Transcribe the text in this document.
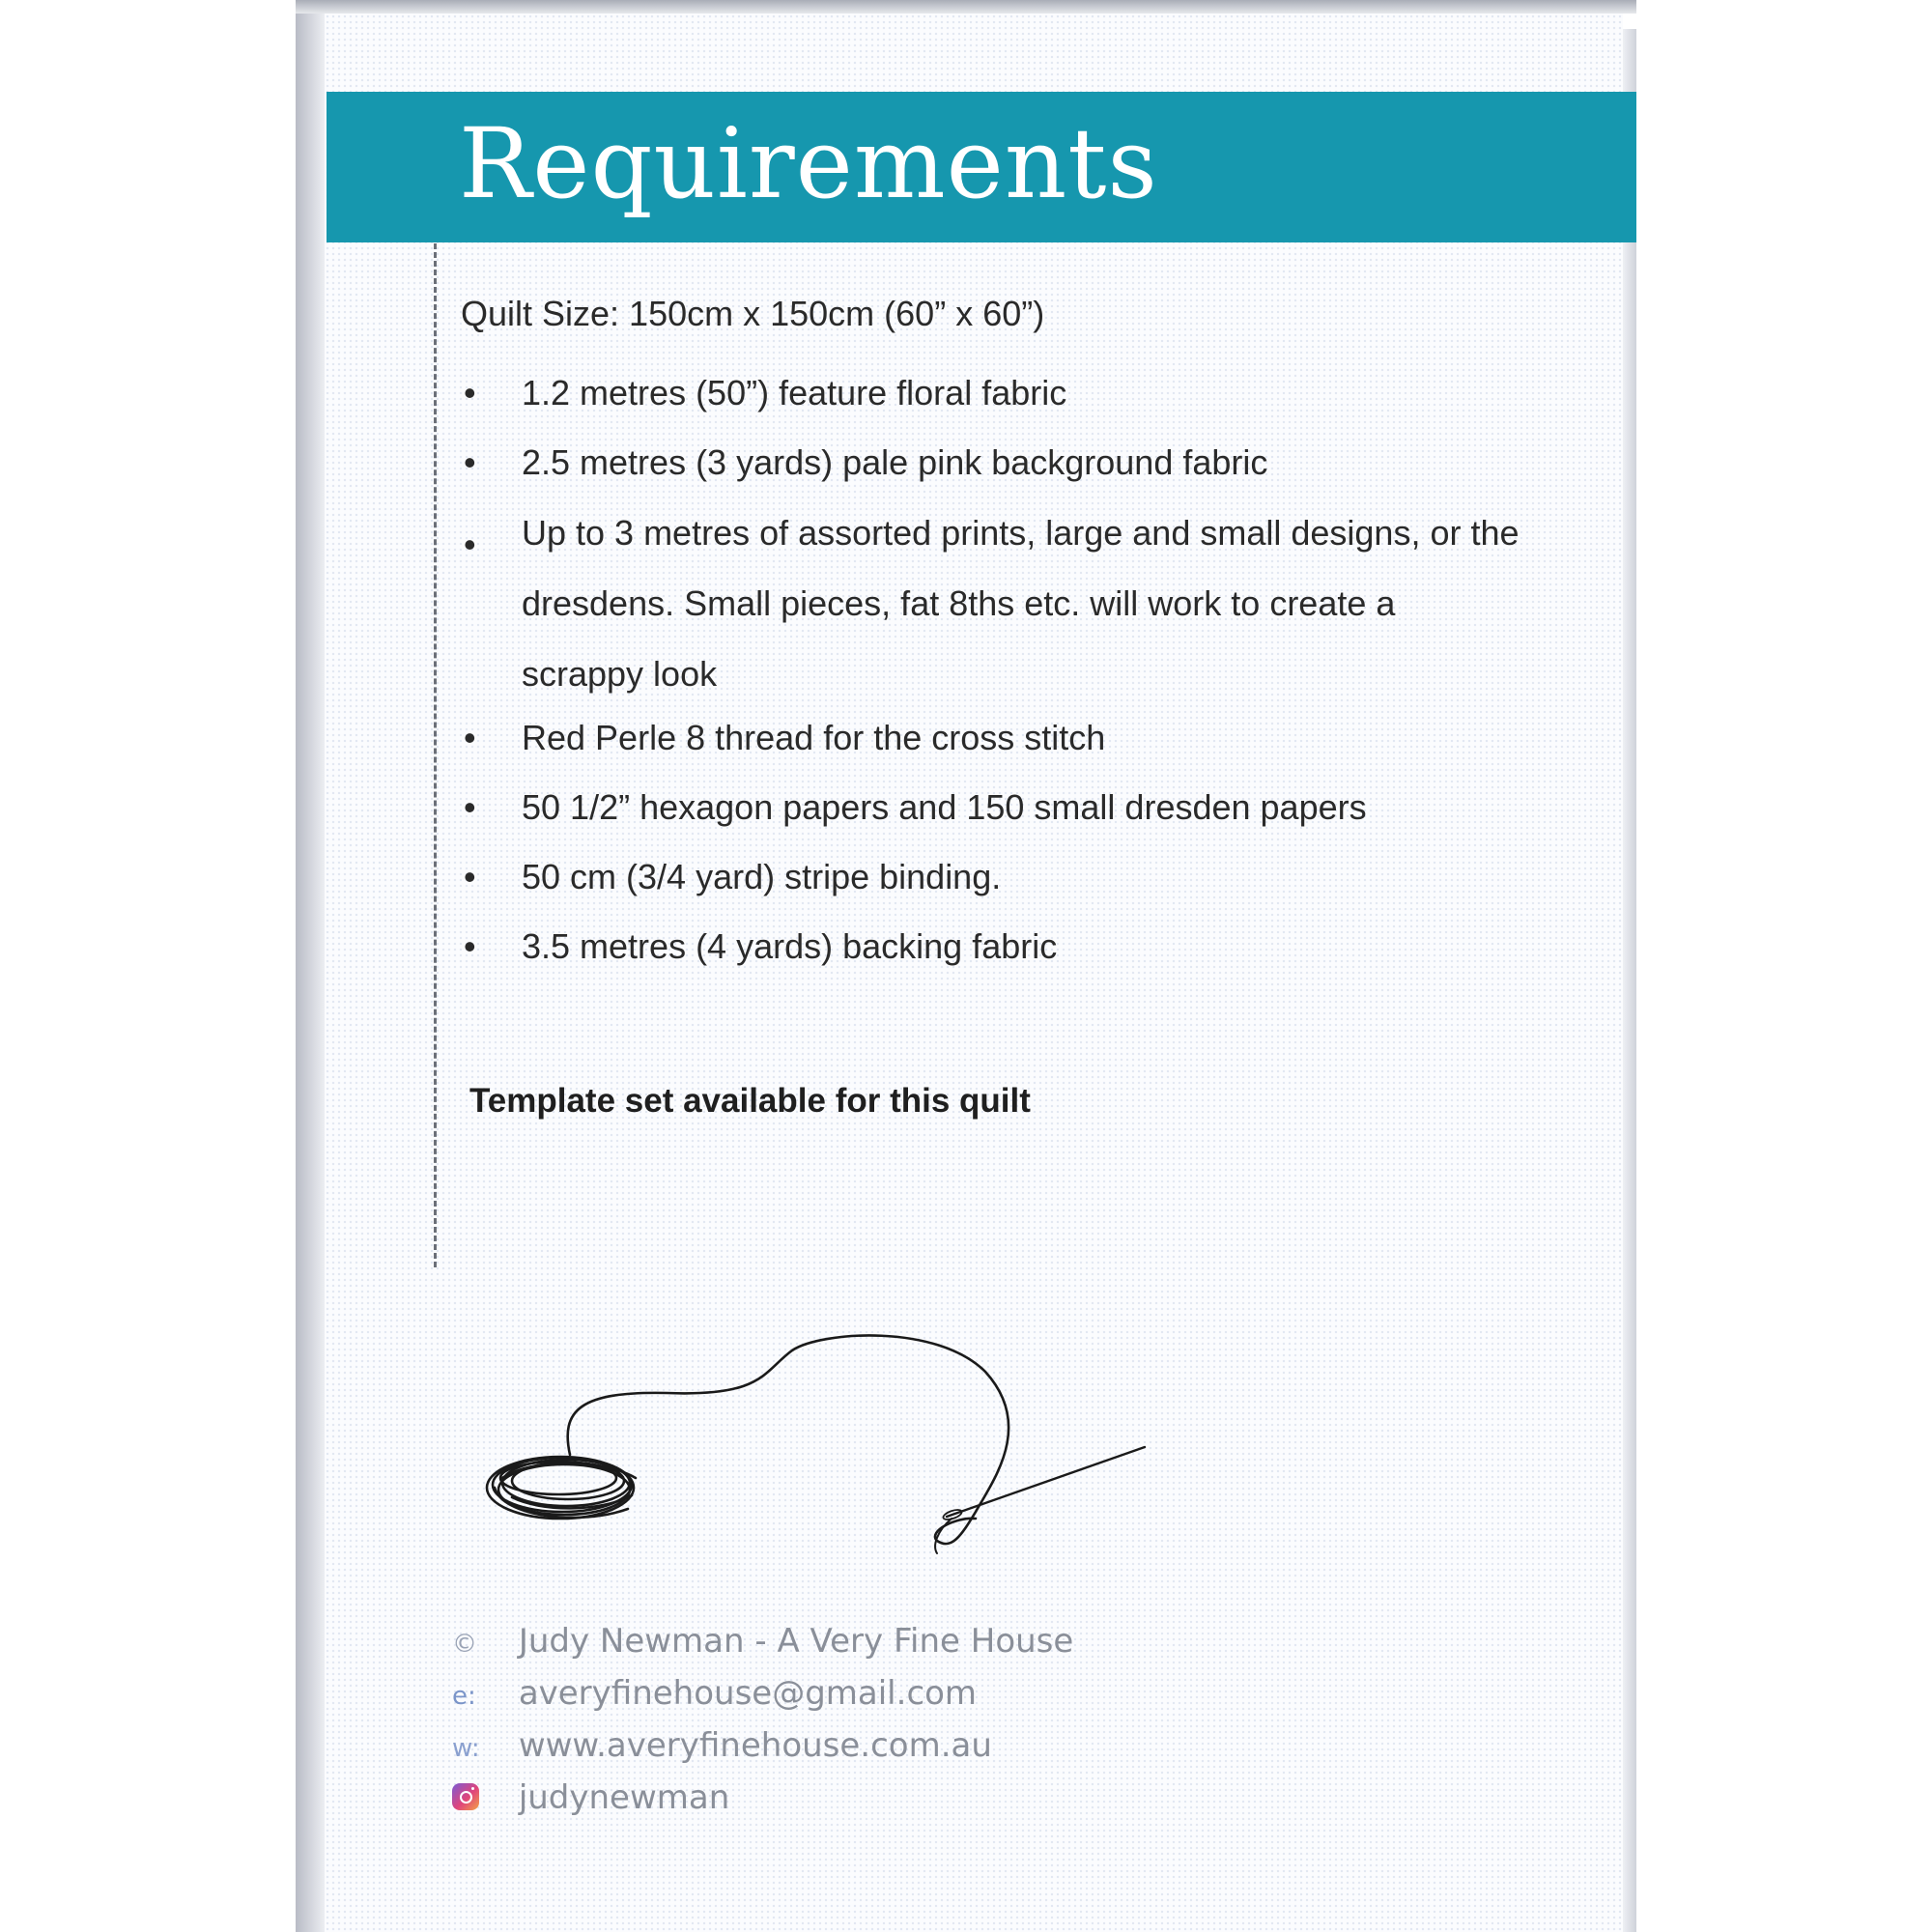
Requirements
Quilt Size: 150cm x 150cm (60” x 60”)
•	1.2 metres (50”) feature floral fabric
•	2.5 metres (3 yards) pale pink background fabric
•	Up to 3 metres of assorted prints, large and small designs, or the dresdens. Small pieces, fat 8ths etc. will work to create a scrappy look
•	Red Perle 8 thread for the cross stitch
•	50 1/2” hexagon papers and 150 small dresden papers
•	50 cm (3/4 yard) stripe binding.
•	3.5 metres (4 yards) backing fabric
Template set available for this quilt
© Judy Newman - A Very Fine House
e: averyfinehouse@gmail.com
w: www.averyfinehouse.com.au
judynewman
